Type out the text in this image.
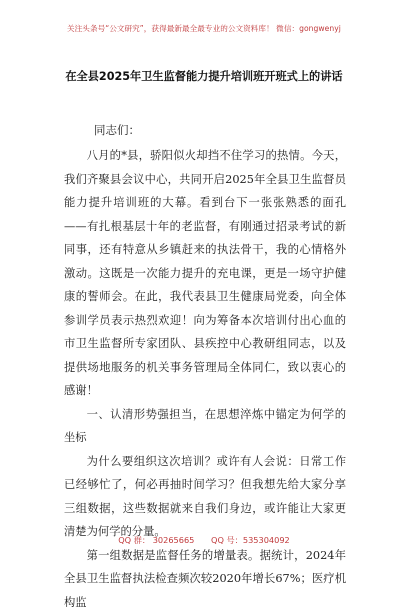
关注头条号“公文研究”，获得最新最全最专业的公文资料库！ 微信：gongwenyj
在全县2025年卫生监督能力提升培训班开班式上的讲话
同志们：

八月的*县，骄阳似火却挡不住学习的热情。今天，我们齐聚县会议中心，共同开启2025年全县卫生监督员能力提升培训班的大幕。看到台下一张张熟悉的面孔——有扎根基层十年的老监督，有刚通过招录考试的新同事，还有特意从乡镇赶来的执法骨干，我的心情格外激动。这既是一次能力提升的充电课，更是一场守护健康的誓师会。在此，我代表县卫生健康局党委，向全体参训学员表示热烈欢迎！向为筹备本次培训付出心血的市卫生监督所专家团队、县疾控中心教研组同志，以及提供场地服务的机关事务管理局全体同仁，致以衷心的感谢！

一、认清形势强担当，在思想淬炼中锚定为何学的坐标

为什么要组织这次培训？或许有人会说：日常工作已经够忙了，何必再抽时间学习？但我想先给大家分享三组数据，这些数据就来自我们身边，或许能让大家更清楚为何学的分量。

第一组数据是监督任务的增量表。据统计，2024年全县卫生监督执法检查频次较2020年增长67%；医疗机构监

QQ 群： 30265665 QQ 号：535304092
